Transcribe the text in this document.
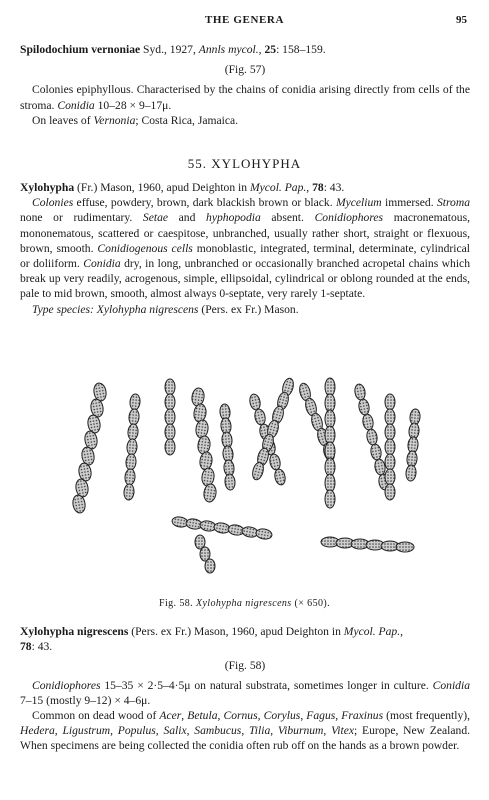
THE GENERA	95

Spilodochium vernoniae Syd., 1927, Annls mycol., 25: 158–159.

(Fig. 57)

Colonies epiphyllous. Characterised by the chains of conidia arising directly from cells of the stroma. Conidia 10–28 × 9–17μ.

On leaves of Vernonia; Costa Rica, Jamaica.

55. XYLOHYPHA

Xylohypha (Fr.) Mason, 1960, apud Deighton in Mycol. Pap., 78: 43.

Colonies effuse, powdery, brown, dark blackish brown or black. Mycelium immersed. Stroma none or rudimentary. Setae and hyphopodia absent. Conidiophores macronematous, mononematous, scattered or caespitose, unbranched, usually rather short, straight or flexuous, brown, smooth. Conidiogenous cells monoblastic, integrated, terminal, determinate, cylindrical or doliiform. Conidia dry, in long, unbranched or occasionally branched acropetal chains which break up very readily, acrogenous, simple, ellipsoidal, cylindrical or oblong rounded at the ends, pale to mid brown, smooth, almost always 0-septate, very rarely 1-septate.

Type species: Xylohypha nigrescens (Pers. ex Fr.) Mason.

Fig. 58. Xylohypha nigrescens (× 650).

Xylohypha nigrescens (Pers. ex Fr.) Mason, 1960, apud Deighton in Mycol. Pap.,
78: 43.

(Fig. 58)

Conidiophores 15–35 × 2·5–4·5μ on natural substrata, sometimes longer in culture. Conidia 7–15 (mostly 9–12) × 4–6μ.

Common on dead wood of Acer, Betula, Cornus, Corylus, Fagus, Fraxinus (most frequently), Hedera, Ligustrum, Populus, Salix, Sambucus, Tilia, Viburnum, Vitex; Europe, New Zealand. When specimens are being collected the conidia often rub off on the hands as a brown powder.
